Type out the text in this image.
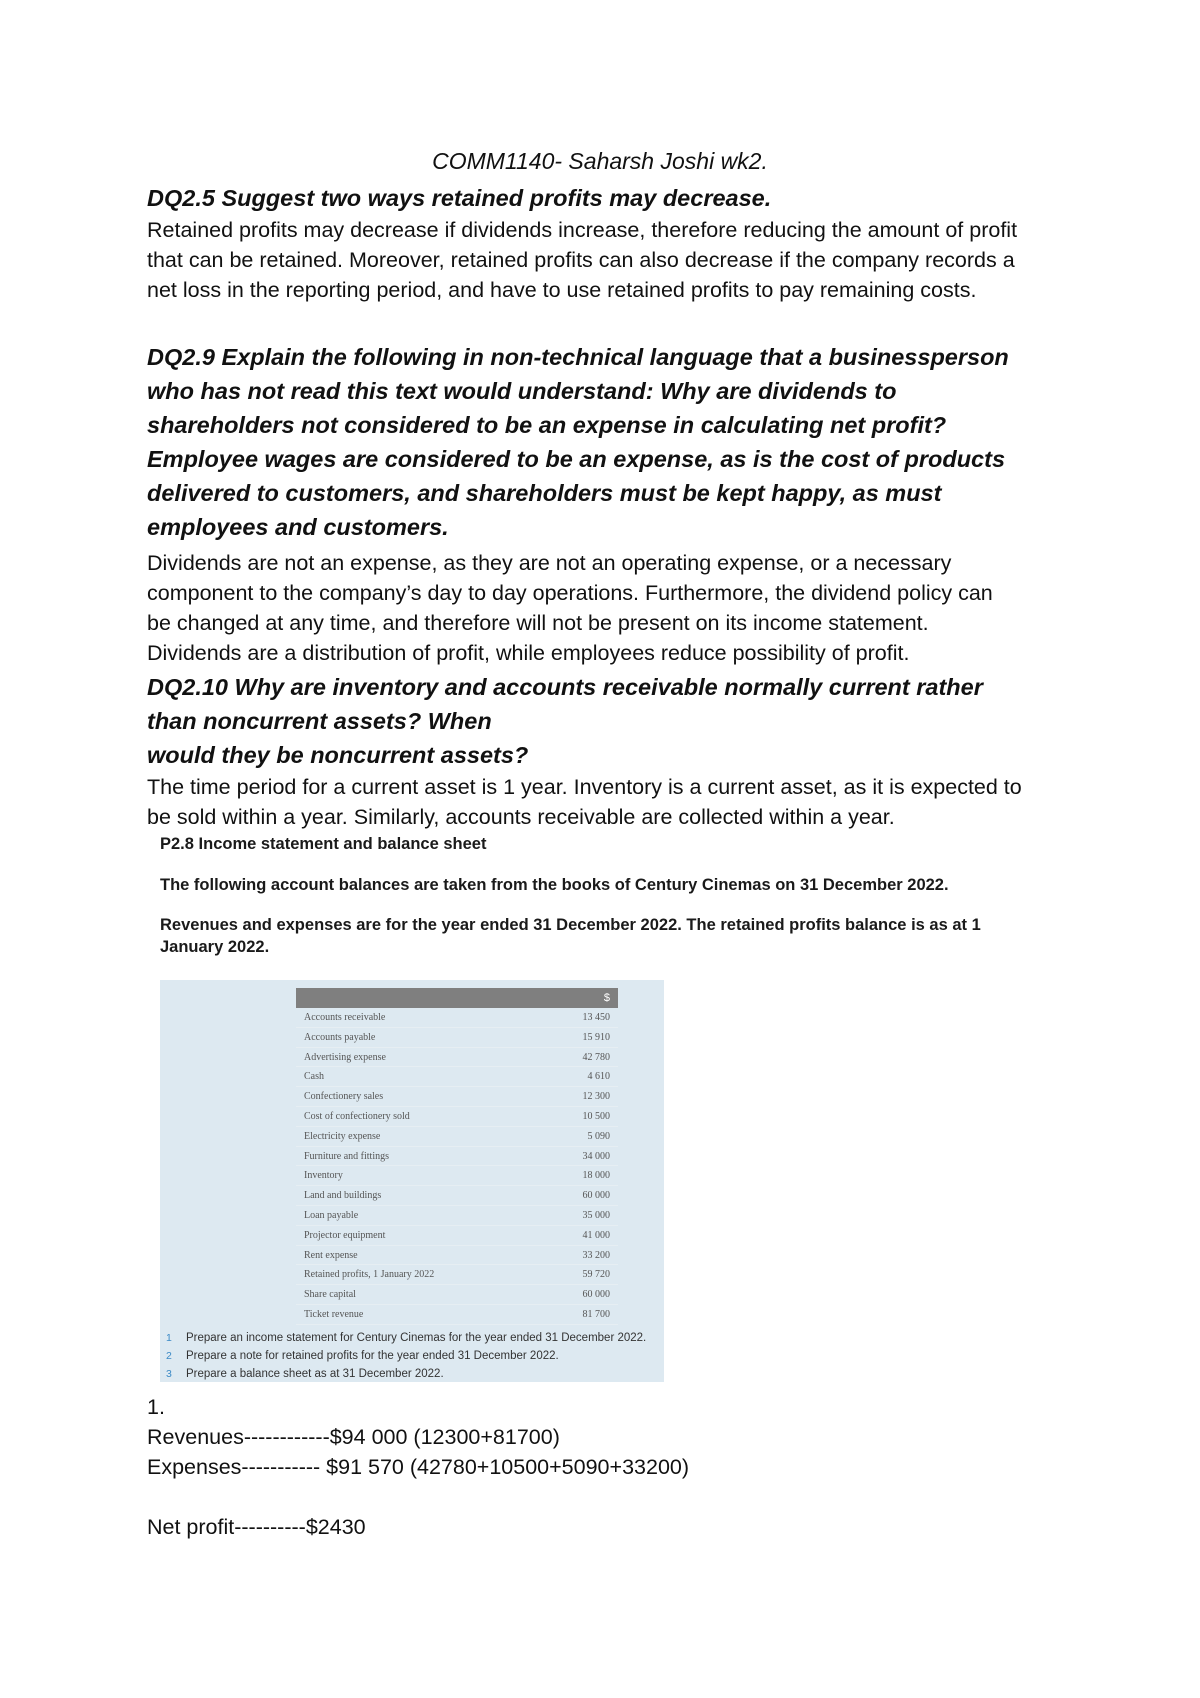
COMM1140- Saharsh Joshi wk2.
DQ2.5 Suggest two ways retained profits may decrease.
Retained profits may decrease if dividends increase, therefore reducing the amount of profit
that can be retained. Moreover, retained profits can also decrease if the company records a
net loss in the reporting period, and have to use retained profits to pay remaining costs.
DQ2.9 Explain the following in non-technical language that a businessperson
who has not read this text would understand: Why are dividends to
shareholders not considered to be an expense in calculating net profit?
Employee wages are considered to be an expense, as is the cost of products
delivered to customers, and shareholders must be kept happy, as must
employees and customers.
Dividends are not an expense, as they are not an operating expense, or a necessary
component to the company’s day to day operations. Furthermore, the dividend policy can
be changed at any time, and therefore will not be present on its income statement.
Dividends are a distribution of profit, while employees reduce possibility of profit.
DQ2.10 Why are inventory and accounts receivable normally current rather
than noncurrent assets? When
would they be noncurrent assets?
The time period for a current asset is 1 year. Inventory is a current asset, as it is expected to
be sold within a year. Similarly, accounts receivable are collected within a year.
P2.8 Income statement and balance sheet
The following account balances are taken from the books of Century Cinemas on 31 December 2022.
Revenues and expenses are for the year ended 31 December 2022. The retained profits balance is as at 1
January 2022.
$
Accounts receivable	13 450
Accounts payable	15 910
Advertising expense	42 780
Cash	4 610
Confectionery sales	12 300
Cost of confectionery sold	10 500
Electricity expense	5 090
Furniture and fittings	34 000
Inventory	18 000
Land and buildings	60 000
Loan payable	35 000
Projector equipment	41 000
Rent expense	33 200
Retained profits, 1 January 2022	59 720
Share capital	60 000
Ticket revenue	81 700
1	Prepare an income statement for Century Cinemas for the year ended 31 December 2022.
2	Prepare a note for retained profits for the year ended 31 December 2022.
3	Prepare a balance sheet as at 31 December 2022.
1.
Revenues------------$94 000 (12300+81700)
Expenses----------- $91 570 (42780+10500+5090+33200)
Net profit----------$2430
